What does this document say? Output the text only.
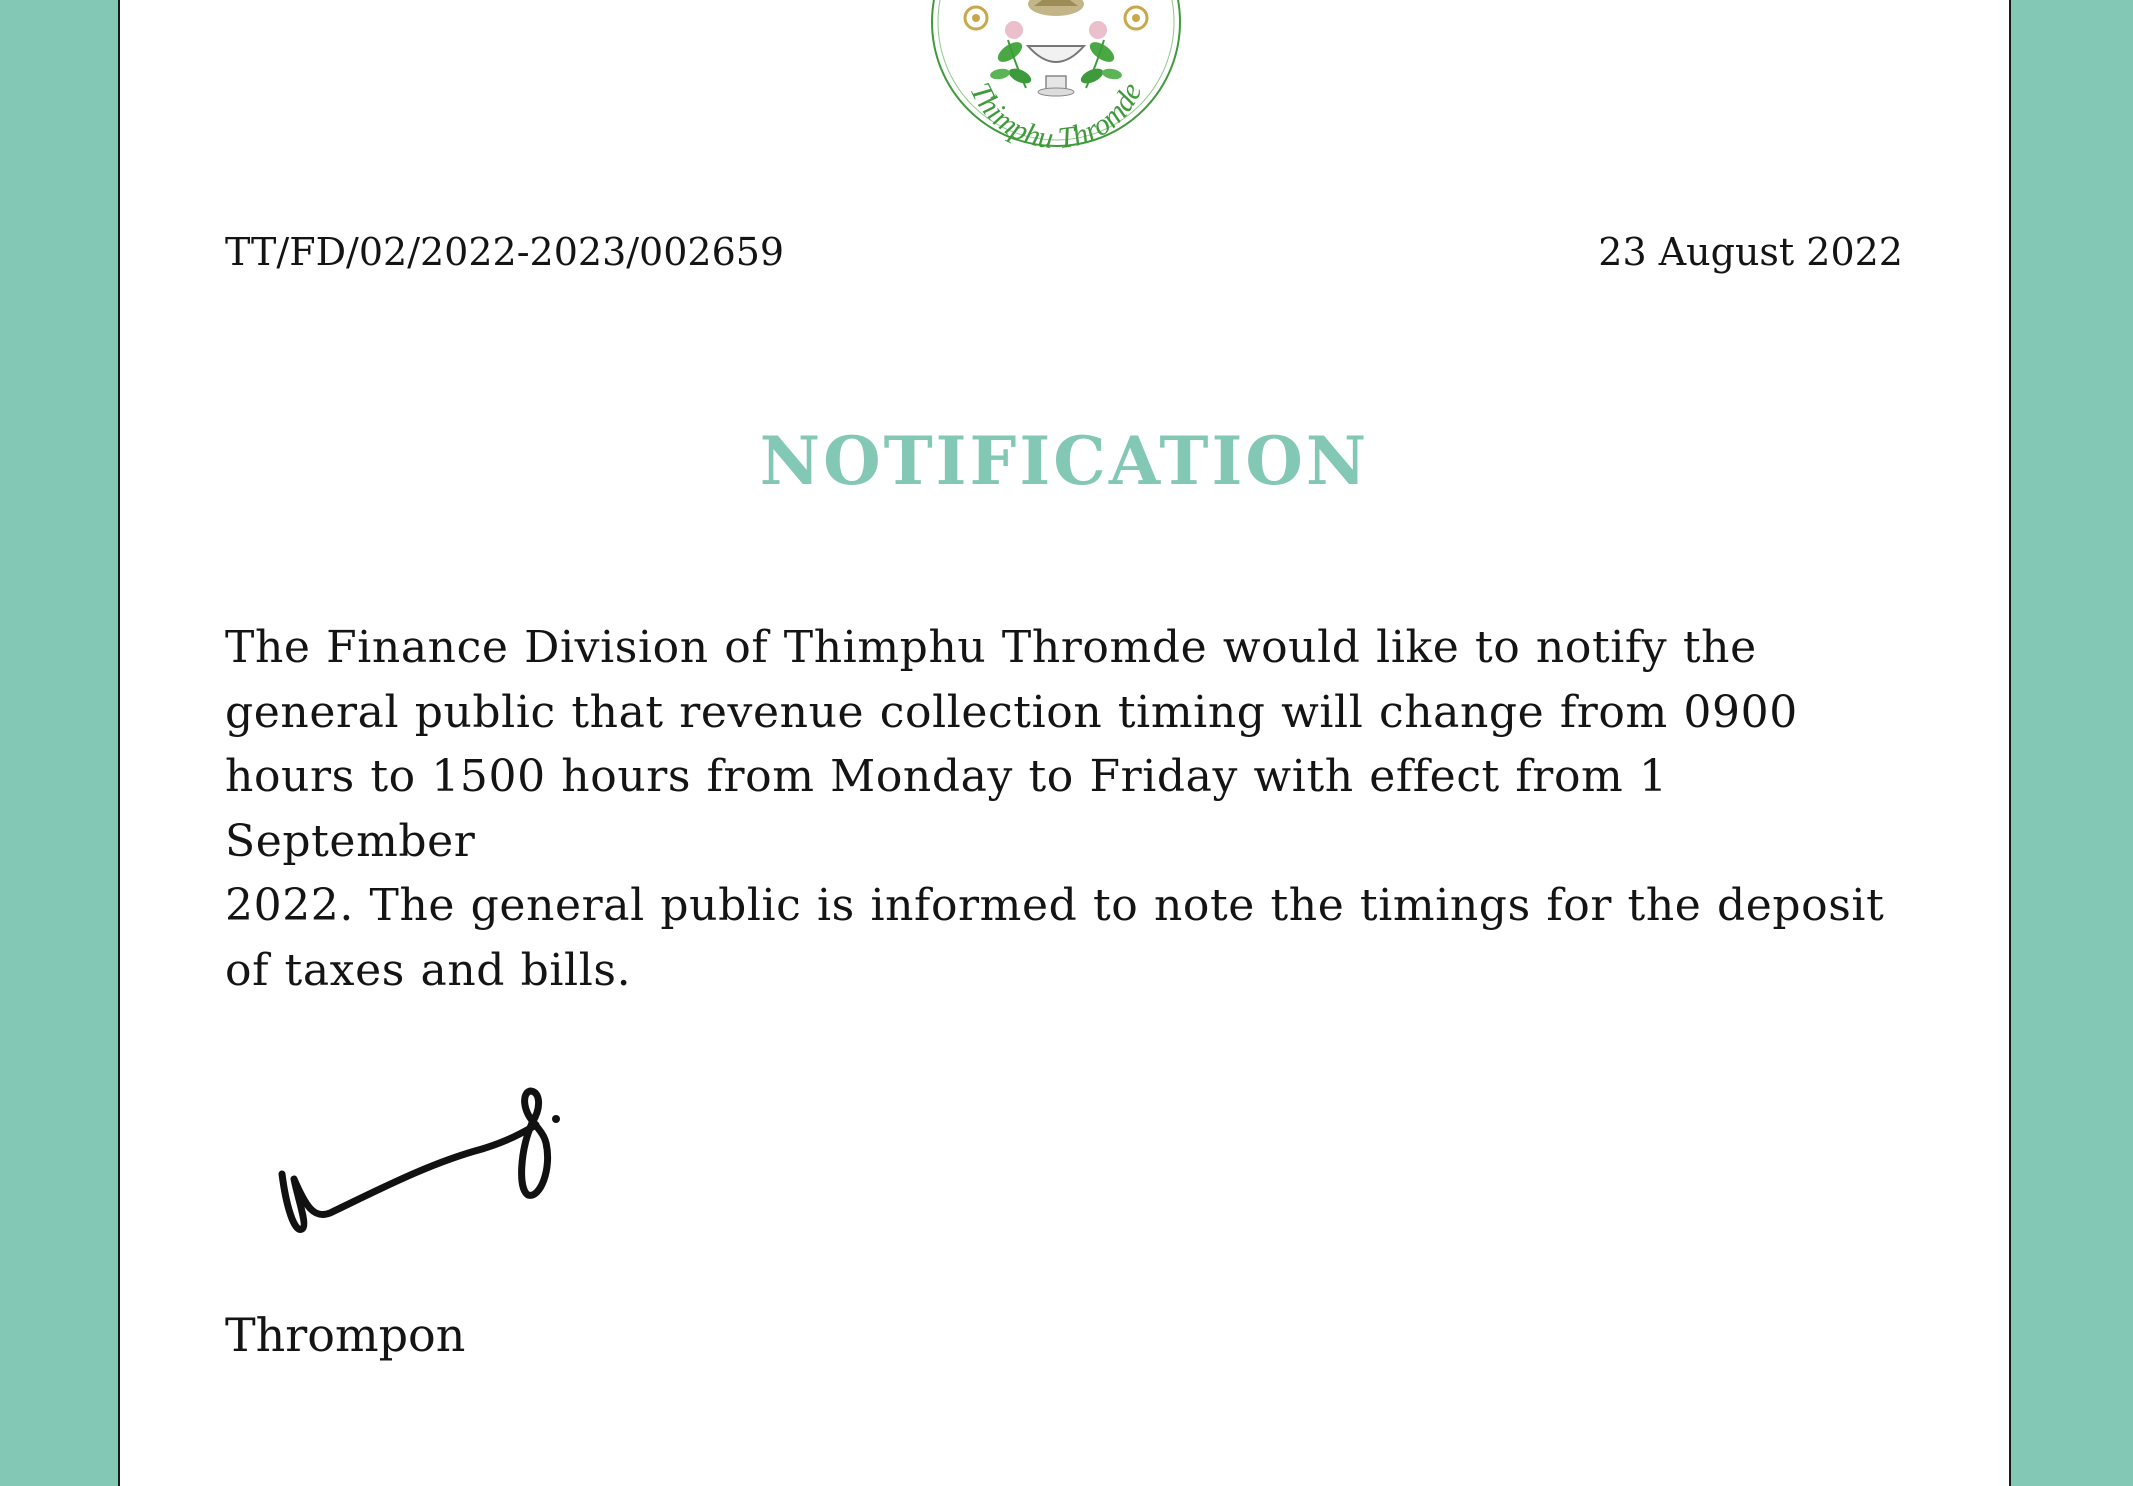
Thimphu Thromde
TT/FD/02/2022-2023/002659	23 August 2022
NOTIFICATION
The Finance Division of Thimphu Thromde would like to notify the
general public that revenue collection timing will change from 0900
hours to 1500 hours from Monday to Friday with effect from 1 September
2022. The general public is informed to note the timings for the deposit
of taxes and bills.
Thrompon
